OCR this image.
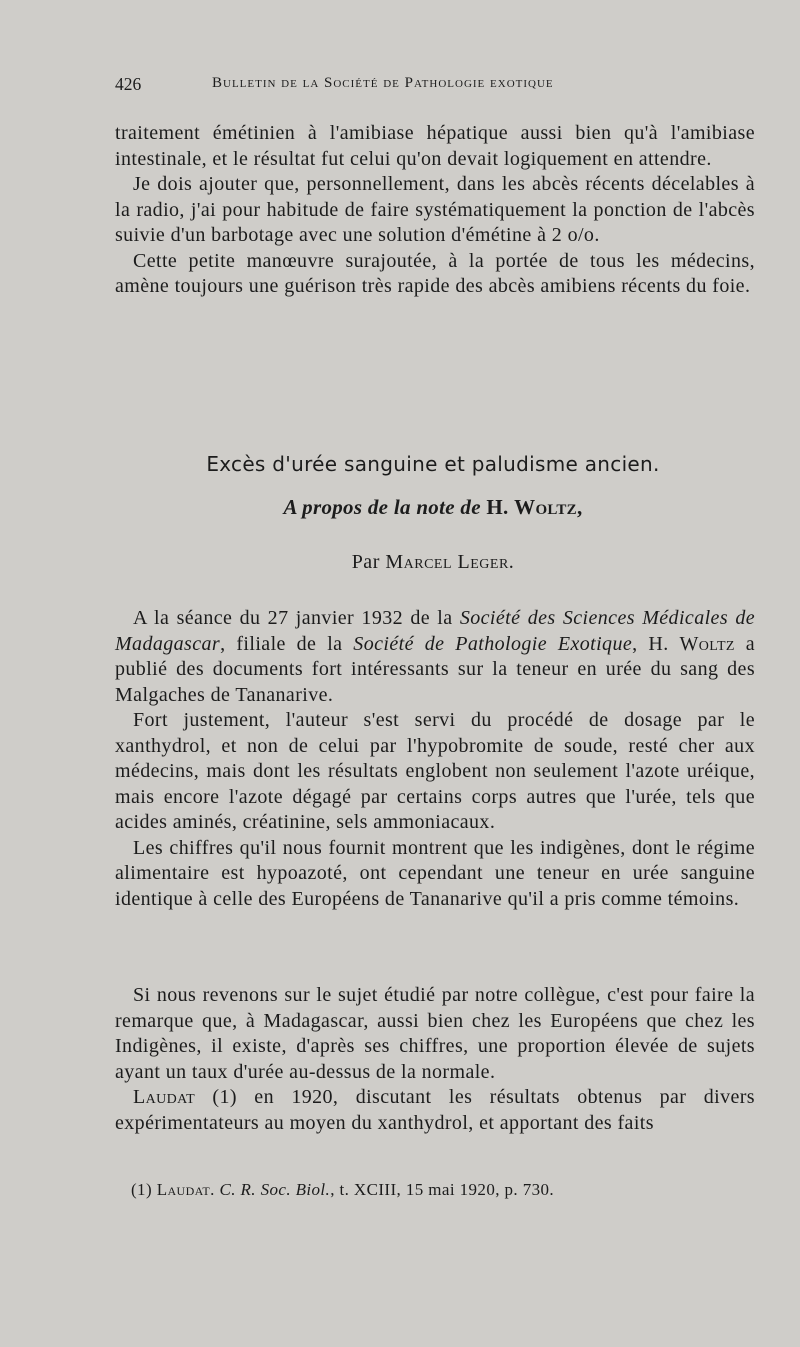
426	Bulletin de la Société de Pathologie exotique

traitement émétinien à l'amibiase hépatique aussi bien qu'à l'amibiase intestinale, et le résultat fut celui qu'on devait logiquement en attendre.

Je dois ajouter que, personnellement, dans les abcès récents décelables à la radio, j'ai pour habitude de faire systématiquement la ponction de l'abcès suivie d'un barbotage avec une solution d'émétine à 2 o/o.

Cette petite manœuvre surajoutée, à la portée de tous les médecins, amène toujours une guérison très rapide des abcès amibiens récents du foie.

Excès d'urée sanguine et paludisme ancien.
A propos de la note de H. Woltz,
Par Marcel Leger.

A la séance du 27 janvier 1932 de la Société des Sciences Médicales de Madagascar, filiale de la Société de Pathologie Exotique, H. Woltz a publié des documents fort intéressants sur la teneur en urée du sang des Malgaches de Tananarive.

Fort justement, l'auteur s'est servi du procédé de dosage par le xanthydrol, et non de celui par l'hypobromite de soude, resté cher aux médecins, mais dont les résultats englobent non seulement l'azote uréique, mais encore l'azote dégagé par certains corps autres que l'urée, tels que acides aminés, créatinine, sels ammoniacaux.

Les chiffres qu'il nous fournit montrent que les indigènes, dont le régime alimentaire est hypoazoté, ont cependant une teneur en urée sanguine identique à celle des Européens de Tananarive qu'il a pris comme témoins.

Si nous revenons sur le sujet étudié par notre collègue, c'est pour faire la remarque que, à Madagascar, aussi bien chez les Européens que chez les Indigènes, il existe, d'après ses chiffres, une proportion élevée de sujets ayant un taux d'urée au-dessus de la normale.

Laudat (1) en 1920, discutant les résultats obtenus par divers expérimentateurs au moyen du xanthydrol, et apportant des faits

(1) Laudat. C. R. Soc. Biol., t. XCIII, 15 mai 1920, p. 730.
